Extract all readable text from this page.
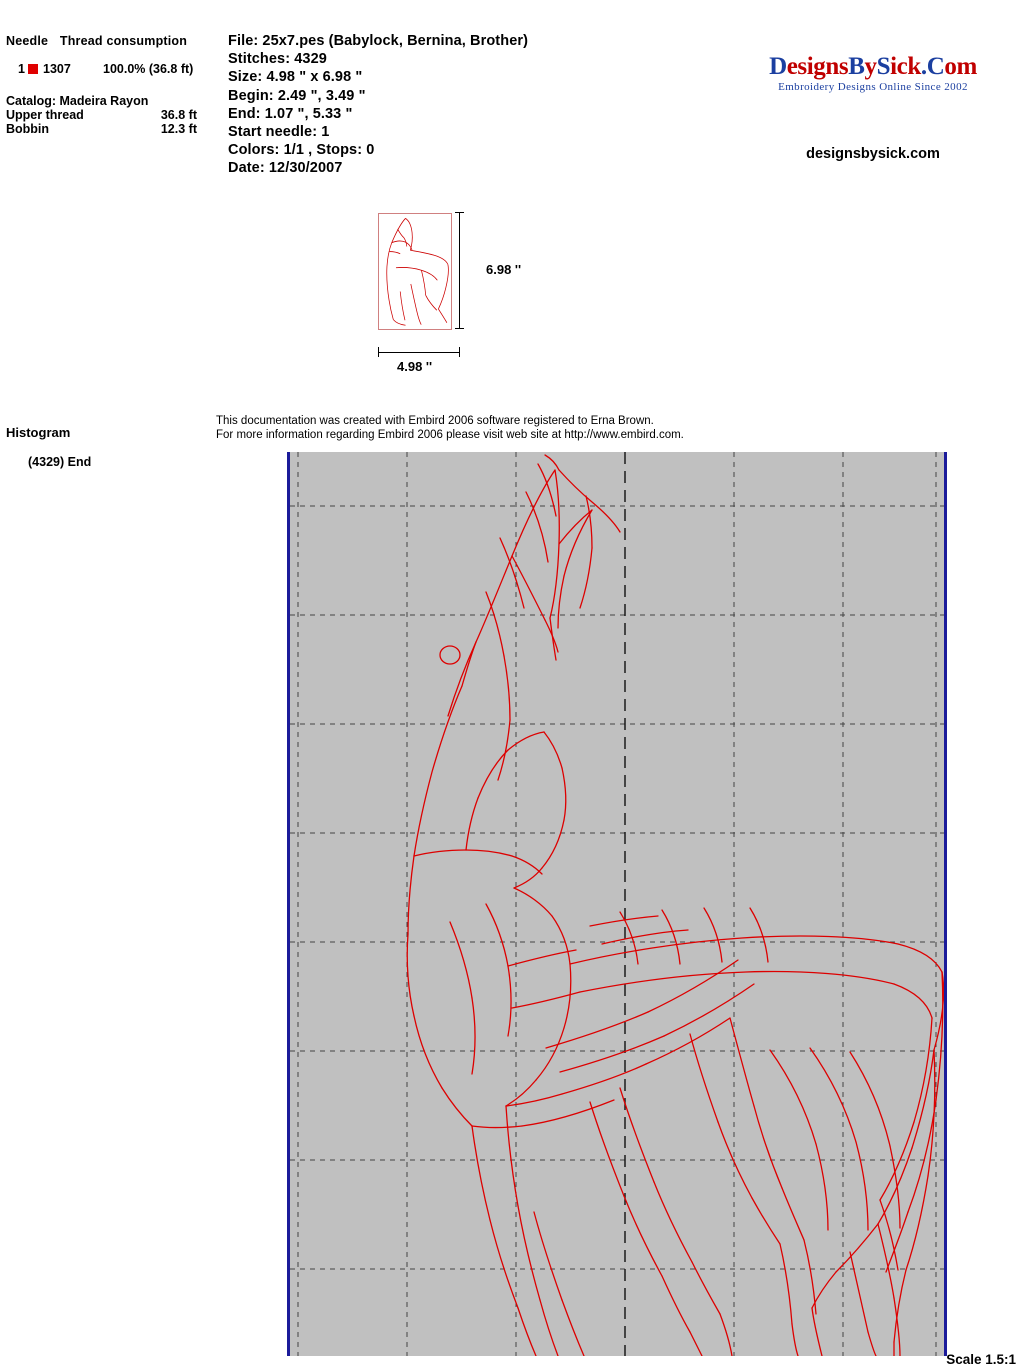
Needle Thread consumption
1 1307	100.0% (36.8 ft)
Catalog: Madeira Rayon
Upper thread	36.8 ft
Bobbin	12.3 ft
Histogram
(4329) End
File: 25x7.pes (Babylock, Bernina, Brother)
Stitches: 4329
Size: 4.98 " x 6.98 "
Begin: 2.49 ", 3.49 "
End: 1.07 ", 5.33 "
Start needle: 1
Colors: 1/1 , Stops: 0
Date: 12/30/2007
DesignsBySick.Com
Embroidery Designs Online Since 2002
designsbysick.com
6.98 ''
4.98 ''
This documentation was created with Embird 2006 software registered to Erna Brown.
For more information regarding Embird 2006 please visit web site at http://www.embird.com.
Scale 1.5:1
